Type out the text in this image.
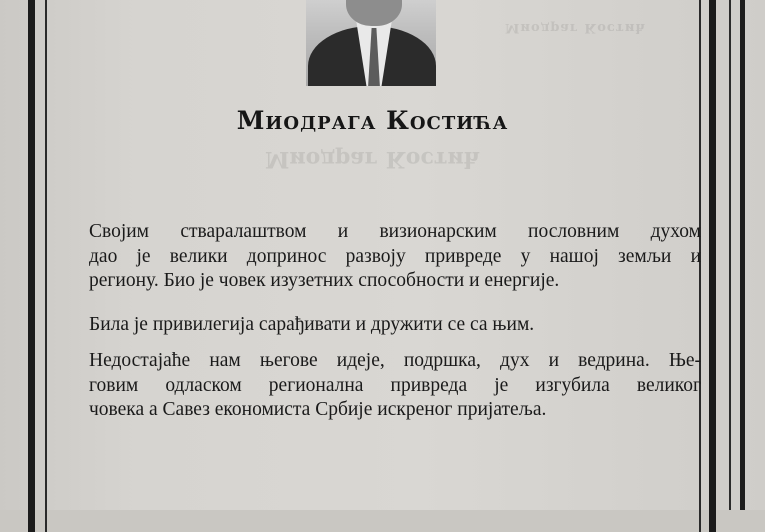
Миодраг Костић
Миодраг Костић
Миодрага Костића
Својим стваралаштвом и визионарским пословним духом
дао је велики допринос развоју привреде у нашој земљи и
региону. Био је човек изузетних способности и енергије.
Била је привилегија сарађивати и дружити се са њим.
Недостајаће нам његове идеје, подршка, дух и ведрина. Ње-
говим одласком регионална привреда је изгубила великог
човека а Савез економиста Србије искреног пријатеља.
